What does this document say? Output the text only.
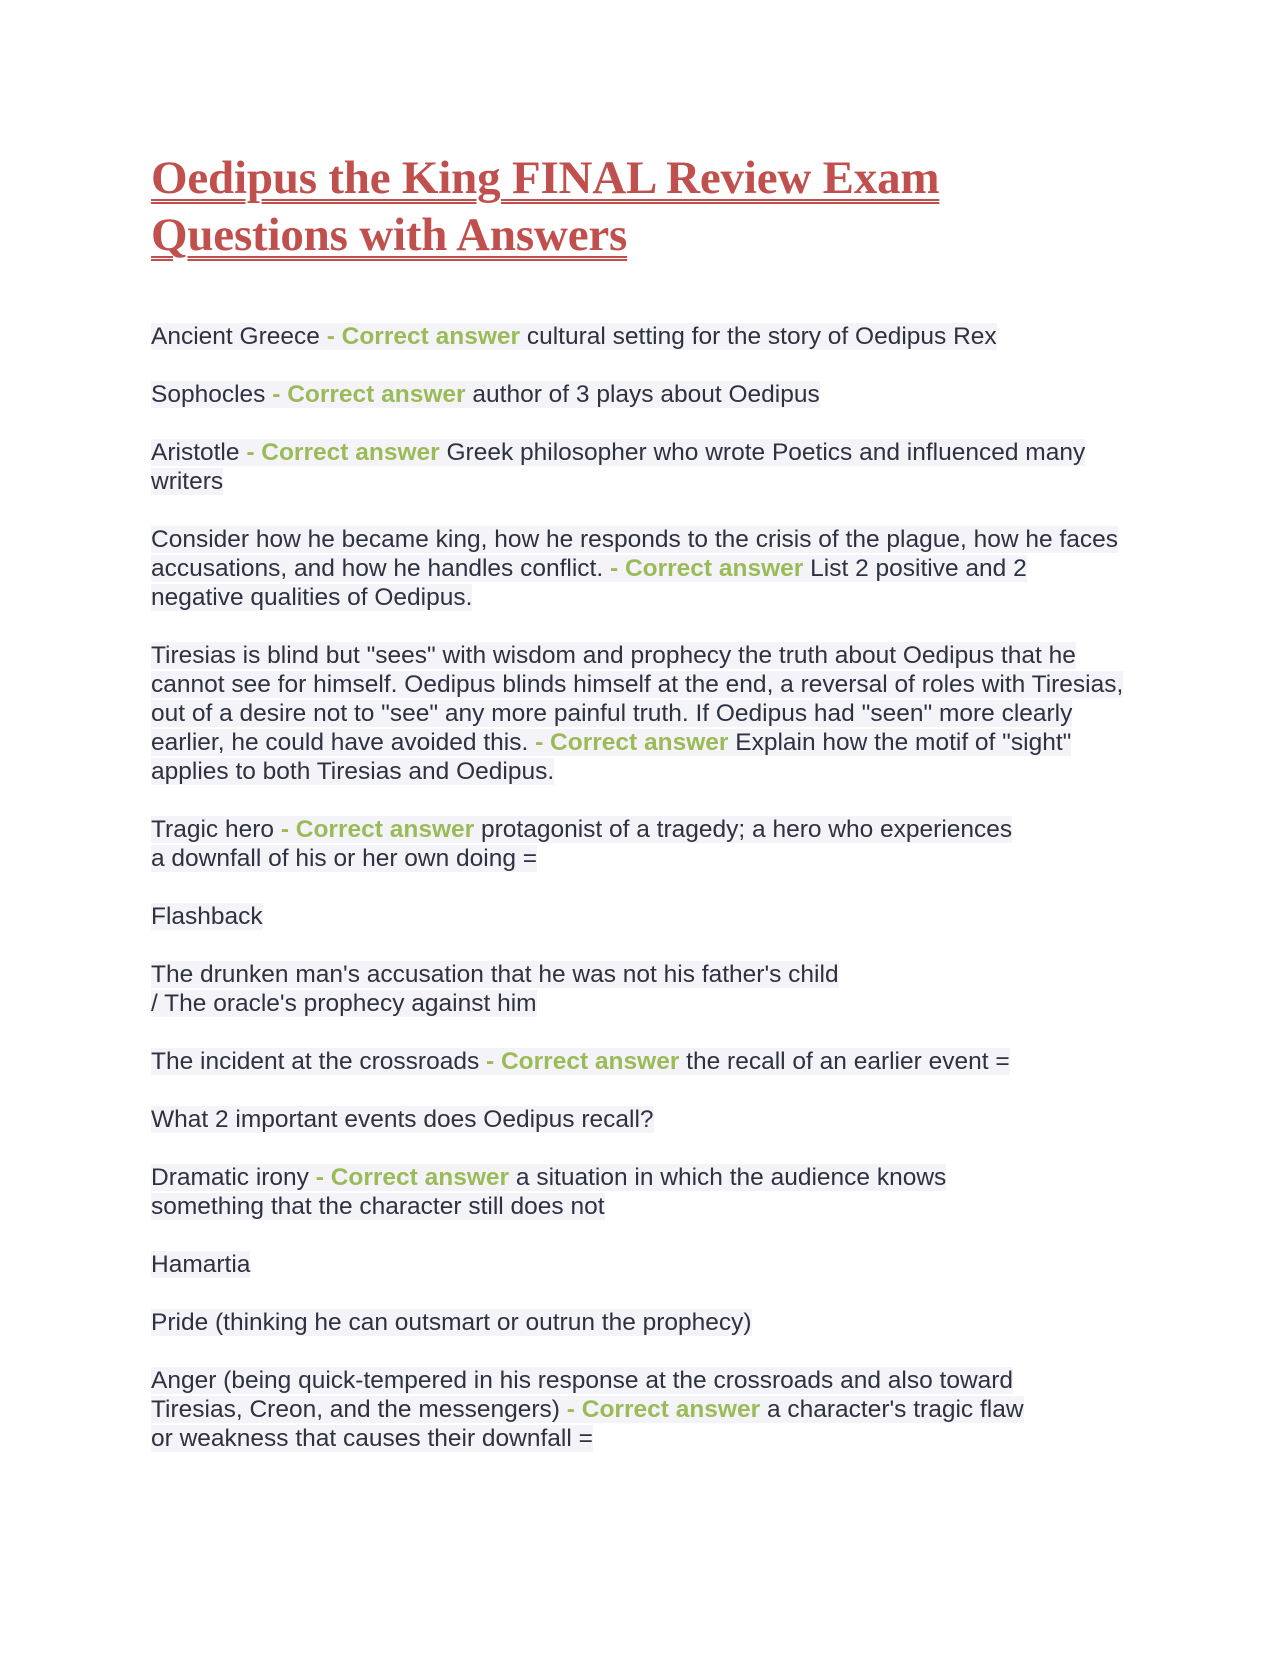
Oedipus the King FINAL Review Exam Questions with Answers

Ancient Greece - Correct answer cultural setting for the story of Oedipus Rex

Sophocles - Correct answer author of 3 plays about Oedipus

Aristotle - Correct answer Greek philosopher who wrote Poetics and influenced many writers

Consider how he became king, how he responds to the crisis of the plague, how he faces accusations, and how he handles conflict. - Correct answer List 2 positive and 2 negative qualities of Oedipus.

Tiresias is blind but "sees" with wisdom and prophecy the truth about Oedipus that he cannot see for himself. Oedipus blinds himself at the end, a reversal of roles with Tiresias, out of a desire not to "see" any more painful truth. If Oedipus had "seen" more clearly earlier, he could have avoided this. - Correct answer Explain how the motif of "sight" applies to both Tiresias and Oedipus.

Tragic hero - Correct answer protagonist of a tragedy; a hero who experiences a downfall of his or her own doing =

Flashback

The drunken man's accusation that he was not his father's child
/ The oracle's prophecy against him

The incident at the crossroads - Correct answer the recall of an earlier event =

What 2 important events does Oedipus recall?

Dramatic irony - Correct answer a situation in which the audience knows something that the character still does not

Hamartia

Pride (thinking he can outsmart or outrun the prophecy)

Anger (being quick-tempered in his response at the crossroads and also toward Tiresias, Creon, and the messengers) - Correct answer a character's tragic flaw or weakness that causes their downfall =
